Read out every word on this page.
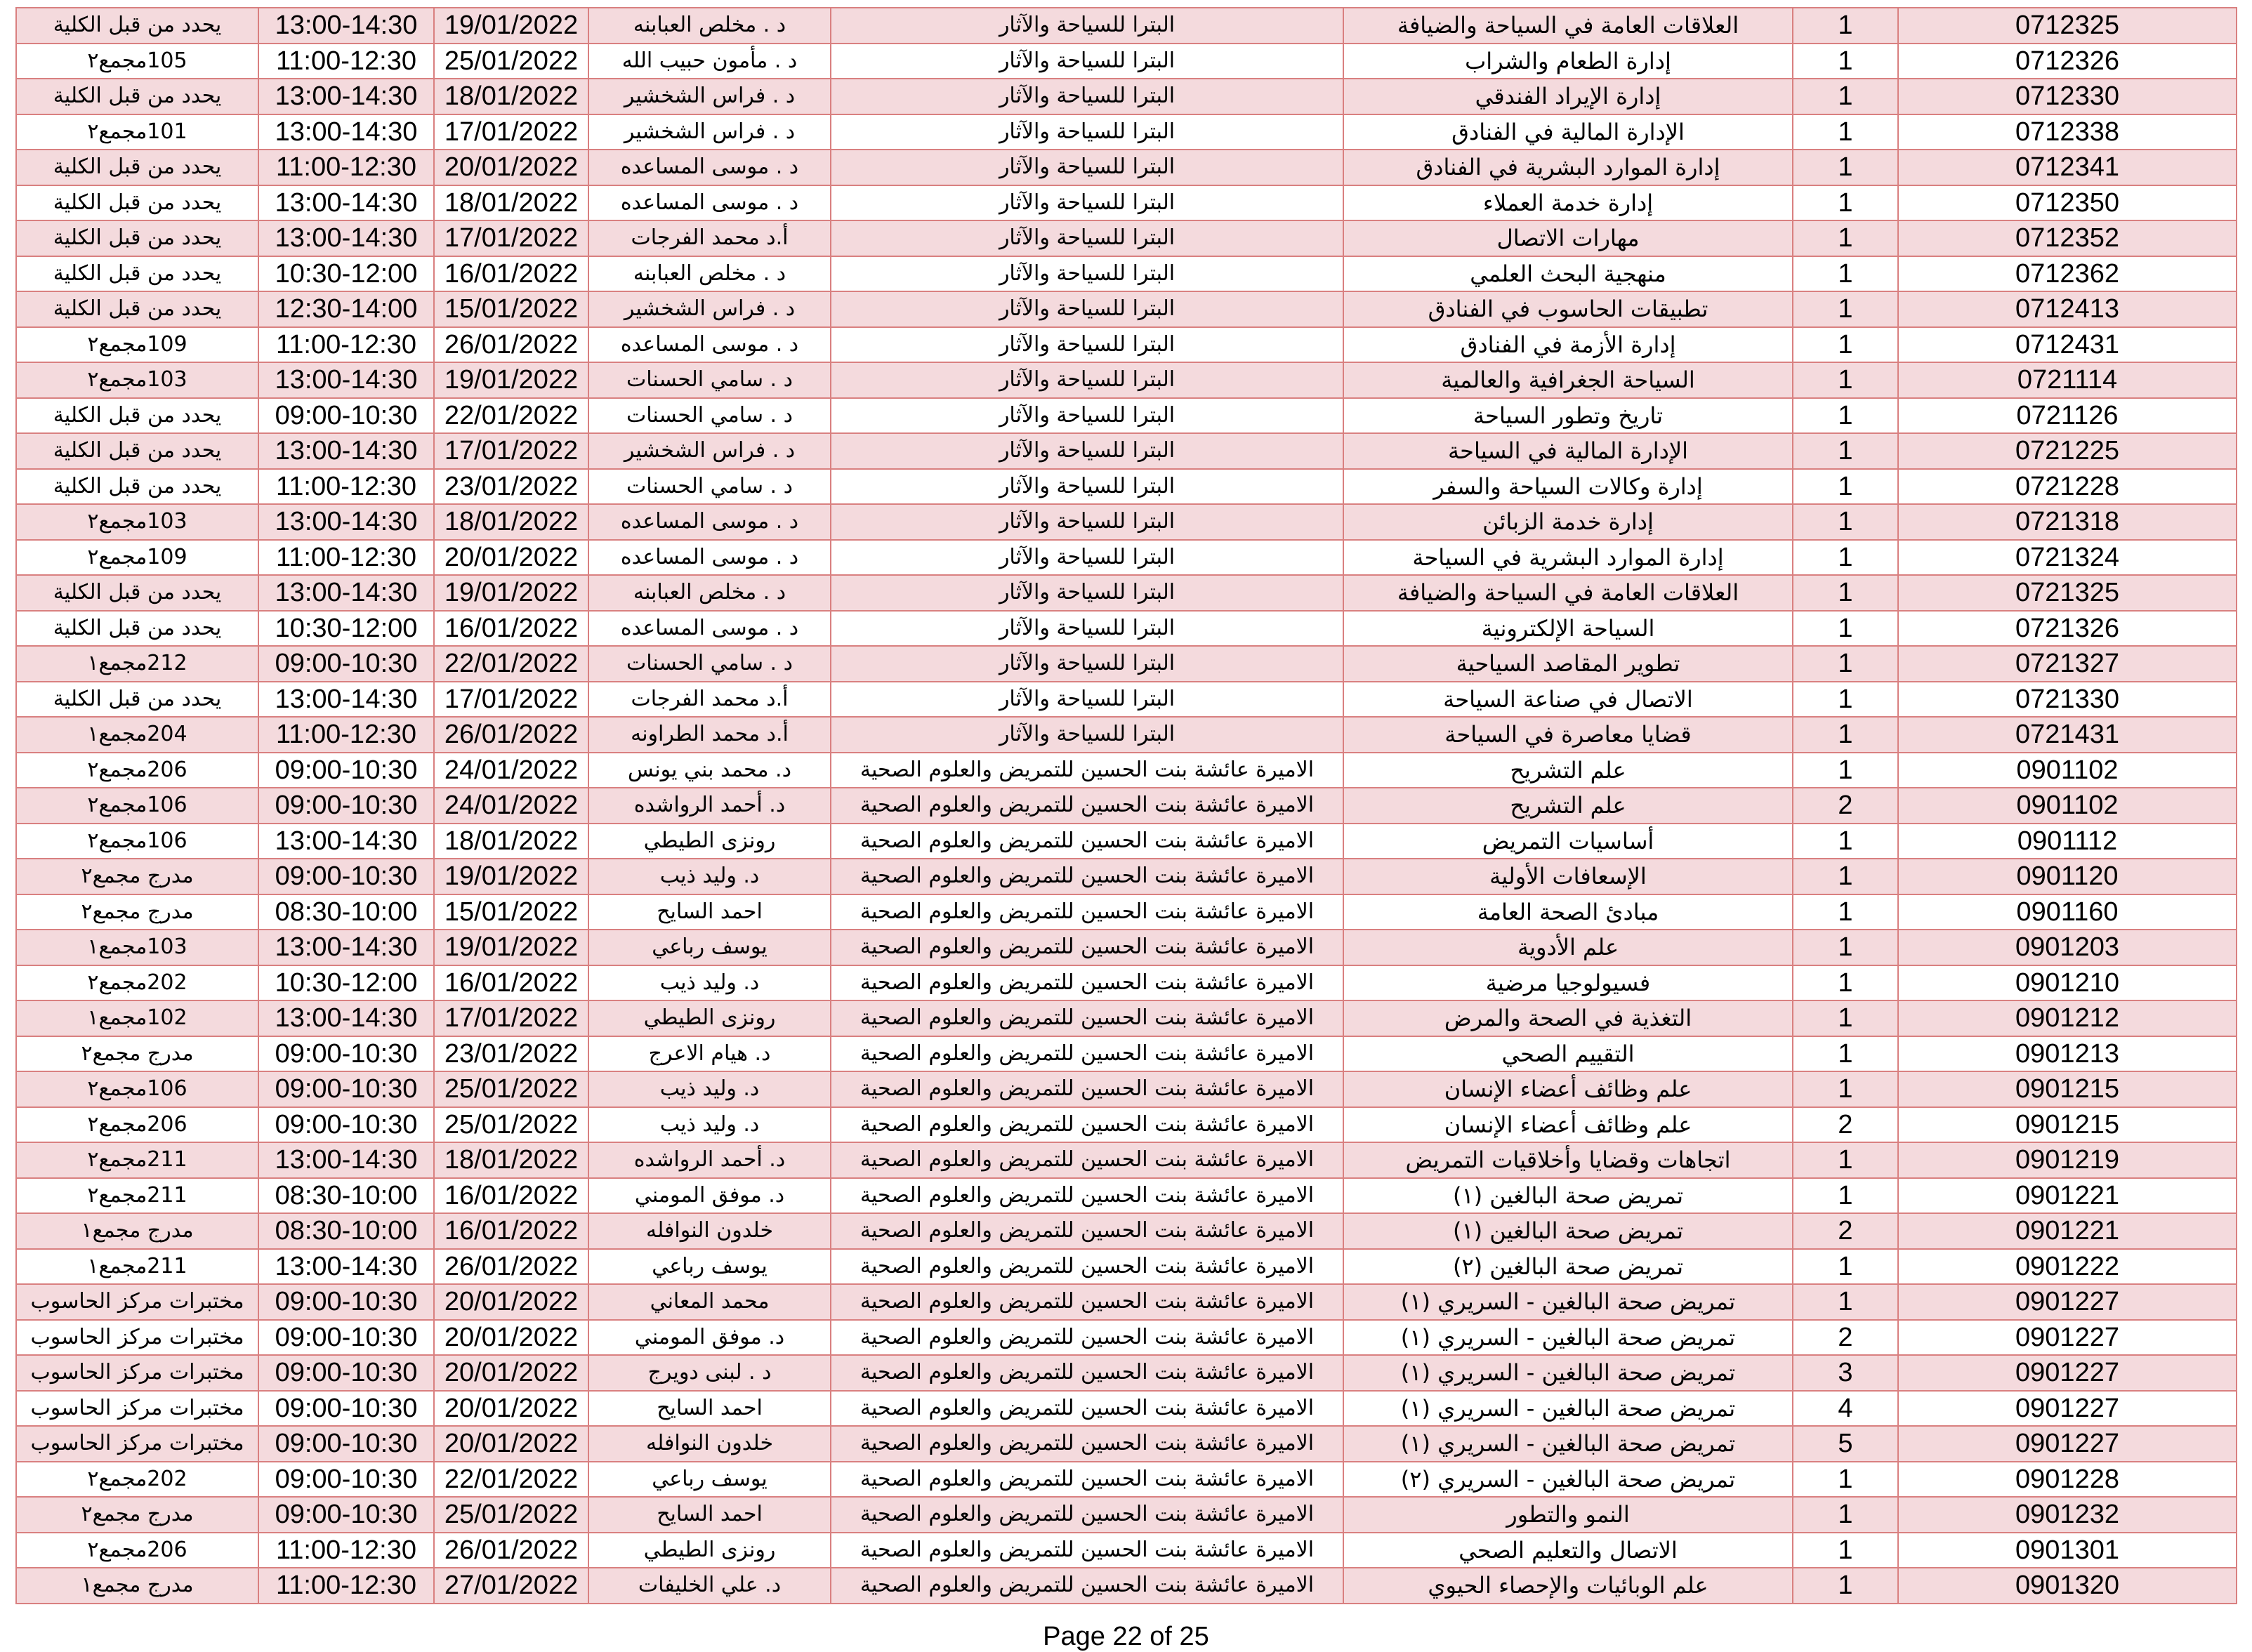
يحدد من قبل الكلية	13:00-14:30	19/01/2022	د . مخلص العبابنه	البترا للسياحة والآثار	العلاقات العامة في السياحة والضيافة	1	0712325
105مجمع٢	11:00-12:30	25/01/2022	د . مأمون حبيب الله	البترا للسياحة والآثار	إدارة الطعام والشراب	1	0712326
يحدد من قبل الكلية	13:00-14:30	18/01/2022	د . فراس الشخشير	البترا للسياحة والآثار	إدارة الإيراد الفندقي	1	0712330
101مجمع٢	13:00-14:30	17/01/2022	د . فراس الشخشير	البترا للسياحة والآثار	الإدارة المالية في الفنادق	1	0712338
يحدد من قبل الكلية	11:00-12:30	20/01/2022	د . موسى المساعده	البترا للسياحة والآثار	إدارة الموارد البشرية في الفنادق	1	0712341
يحدد من قبل الكلية	13:00-14:30	18/01/2022	د . موسى المساعده	البترا للسياحة والآثار	إدارة خدمة العملاء	1	0712350
يحدد من قبل الكلية	13:00-14:30	17/01/2022	أ.د محمد الفرجات	البترا للسياحة والآثار	مهارات الاتصال	1	0712352
يحدد من قبل الكلية	10:30-12:00	16/01/2022	د . مخلص العبابنه	البترا للسياحة والآثار	منهجية البحث العلمي	1	0712362
يحدد من قبل الكلية	12:30-14:00	15/01/2022	د . فراس الشخشير	البترا للسياحة والآثار	تطبيقات الحاسوب في الفنادق	1	0712413
109مجمع٢	11:00-12:30	26/01/2022	د . موسى المساعده	البترا للسياحة والآثار	إدارة الأزمة في الفنادق	1	0712431
103مجمع٢	13:00-14:30	19/01/2022	د . سامي الحسنات	البترا للسياحة والآثار	السياحة الجغرافية والعالمية	1	0721114
يحدد من قبل الكلية	09:00-10:30	22/01/2022	د . سامي الحسنات	البترا للسياحة والآثار	تاريخ وتطور السياحة	1	0721126
يحدد من قبل الكلية	13:00-14:30	17/01/2022	د . فراس الشخشير	البترا للسياحة والآثار	الإدارة المالية في السياحة	1	0721225
يحدد من قبل الكلية	11:00-12:30	23/01/2022	د . سامي الحسنات	البترا للسياحة والآثار	إدارة وكالات السياحة والسفر	1	0721228
103مجمع٢	13:00-14:30	18/01/2022	د . موسى المساعده	البترا للسياحة والآثار	إدارة خدمة الزبائن	1	0721318
109مجمع٢	11:00-12:30	20/01/2022	د . موسى المساعده	البترا للسياحة والآثار	إدارة الموارد البشرية في السياحة	1	0721324
يحدد من قبل الكلية	13:00-14:30	19/01/2022	د . مخلص العبابنه	البترا للسياحة والآثار	العلاقات العامة في السياحة والضيافة	1	0721325
يحدد من قبل الكلية	10:30-12:00	16/01/2022	د . موسى المساعده	البترا للسياحة والآثار	السياحة الإلكترونية	1	0721326
212مجمع١	09:00-10:30	22/01/2022	د . سامي الحسنات	البترا للسياحة والآثار	تطوير المقاصد السياحية	1	0721327
يحدد من قبل الكلية	13:00-14:30	17/01/2022	أ.د محمد الفرجات	البترا للسياحة والآثار	الاتصال في صناعة السياحة	1	0721330
204مجمع١	11:00-12:30	26/01/2022	أ.د محمد الطراونه	البترا للسياحة والآثار	قضايا معاصرة في السياحة	1	0721431
206مجمع٢	09:00-10:30	24/01/2022	د. محمد بني يونس	الاميرة عائشة بنت الحسين للتمريض والعلوم الصحية	علم التشريح	1	0901102
106مجمع٢	09:00-10:30	24/01/2022	د. أحمد الرواشده	الاميرة عائشة بنت الحسين للتمريض والعلوم الصحية	علم التشريح	2	0901102
106مجمع٢	13:00-14:30	18/01/2022	رونزى الطيطي	الاميرة عائشة بنت الحسين للتمريض والعلوم الصحية	أساسيات التمريض	1	0901112
مدرج مجمع٢	09:00-10:30	19/01/2022	د. وليد ذيب	الاميرة عائشة بنت الحسين للتمريض والعلوم الصحية	الإسعافات الأولية	1	0901120
مدرج مجمع٢	08:30-10:00	15/01/2022	احمد السايح	الاميرة عائشة بنت الحسين للتمريض والعلوم الصحية	مبادئ الصحة العامة	1	0901160
103مجمع١	13:00-14:30	19/01/2022	يوسف رباعي	الاميرة عائشة بنت الحسين للتمريض والعلوم الصحية	علم الأدوية	1	0901203
202مجمع٢	10:30-12:00	16/01/2022	د. وليد ذيب	الاميرة عائشة بنت الحسين للتمريض والعلوم الصحية	فسيولوجيا مرضية	1	0901210
102مجمع١	13:00-14:30	17/01/2022	رونزى الطيطي	الاميرة عائشة بنت الحسين للتمريض والعلوم الصحية	التغذية في الصحة والمرض	1	0901212
مدرج مجمع٢	09:00-10:30	23/01/2022	د. هيام الاعرج	الاميرة عائشة بنت الحسين للتمريض والعلوم الصحية	التقييم الصحي	1	0901213
106مجمع٢	09:00-10:30	25/01/2022	د. وليد ذيب	الاميرة عائشة بنت الحسين للتمريض والعلوم الصحية	علم وظائف أعضاء الإنسان	1	0901215
206مجمع٢	09:00-10:30	25/01/2022	د. وليد ذيب	الاميرة عائشة بنت الحسين للتمريض والعلوم الصحية	علم وظائف أعضاء الإنسان	2	0901215
211مجمع٢	13:00-14:30	18/01/2022	د. أحمد الرواشده	الاميرة عائشة بنت الحسين للتمريض والعلوم الصحية	اتجاهات وقضايا وأخلاقيات التمريض	1	0901219
211مجمع٢	08:30-10:00	16/01/2022	د. موفق المومني	الاميرة عائشة بنت الحسين للتمريض والعلوم الصحية	تمريض صحة البالغين (١)	1	0901221
مدرج مجمع١	08:30-10:00	16/01/2022	خلدون النوافله	الاميرة عائشة بنت الحسين للتمريض والعلوم الصحية	تمريض صحة البالغين (١)	2	0901221
211مجمع١	13:00-14:30	26/01/2022	يوسف رباعي	الاميرة عائشة بنت الحسين للتمريض والعلوم الصحية	تمريض صحة البالغين (٢)	1	0901222
مختبرات مركز الحاسوب	09:00-10:30	20/01/2022	محمد المعاني	الاميرة عائشة بنت الحسين للتمريض والعلوم الصحية	تمريض صحة البالغين - السريري (١)	1	0901227
مختبرات مركز الحاسوب	09:00-10:30	20/01/2022	د. موفق المومني	الاميرة عائشة بنت الحسين للتمريض والعلوم الصحية	تمريض صحة البالغين - السريري (١)	2	0901227
مختبرات مركز الحاسوب	09:00-10:30	20/01/2022	د . لبنى دويرج	الاميرة عائشة بنت الحسين للتمريض والعلوم الصحية	تمريض صحة البالغين - السريري (١)	3	0901227
مختبرات مركز الحاسوب	09:00-10:30	20/01/2022	احمد السايح	الاميرة عائشة بنت الحسين للتمريض والعلوم الصحية	تمريض صحة البالغين - السريري (١)	4	0901227
مختبرات مركز الحاسوب	09:00-10:30	20/01/2022	خلدون النوافله	الاميرة عائشة بنت الحسين للتمريض والعلوم الصحية	تمريض صحة البالغين - السريري (١)	5	0901227
202مجمع٢	09:00-10:30	22/01/2022	يوسف رباعي	الاميرة عائشة بنت الحسين للتمريض والعلوم الصحية	تمريض صحة البالغين - السريري (٢)	1	0901228
مدرج مجمع٢	09:00-10:30	25/01/2022	احمد السايح	الاميرة عائشة بنت الحسين للتمريض والعلوم الصحية	النمو والتطور	1	0901232
206مجمع٢	11:00-12:30	26/01/2022	رونزى الطيطي	الاميرة عائشة بنت الحسين للتمريض والعلوم الصحية	الاتصال والتعليم الصحي	1	0901301
مدرج مجمع١	11:00-12:30	27/01/2022	د. علي الخليفات	الاميرة عائشة بنت الحسين للتمريض والعلوم الصحية	علم الوبائيات والإحصاء الحيوي	1	0901320
Page 22 of 25
